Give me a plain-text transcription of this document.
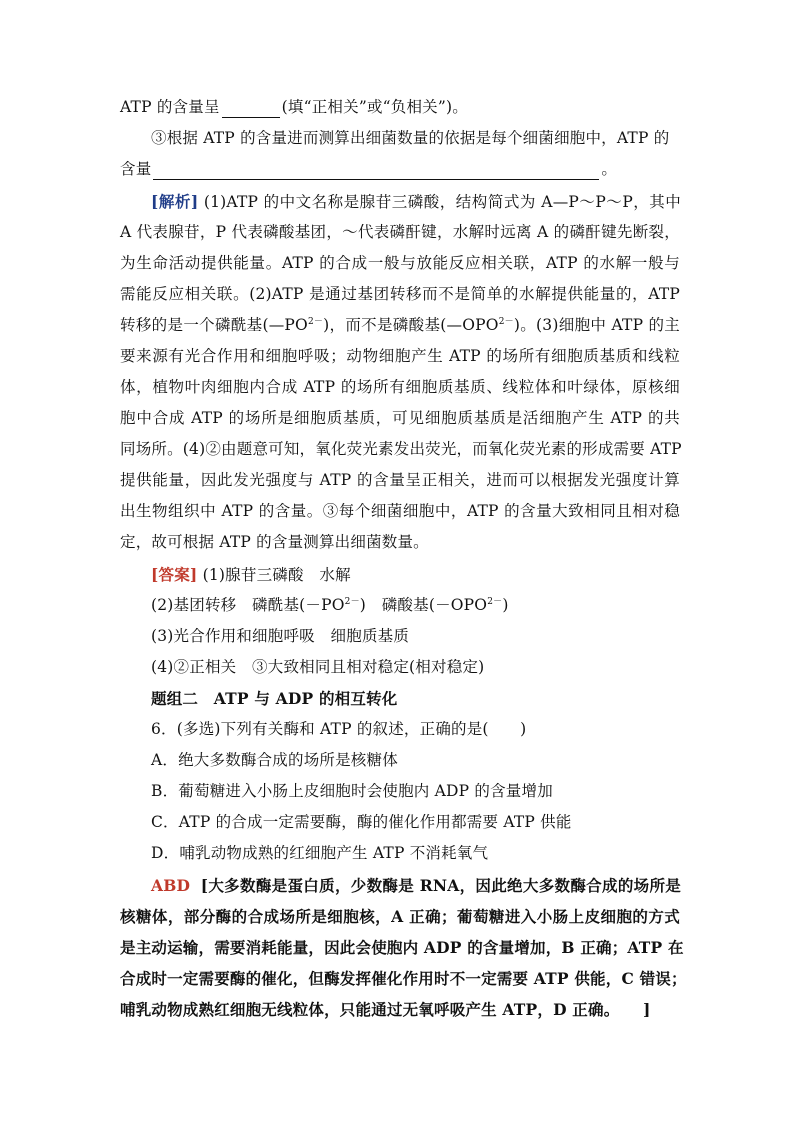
ATP 的含量呈	(填“正相关”或“负相关”)。
③根据 ATP 的含量进而测算出细菌数量的依据是每个细菌细胞中，ATP 的
含量	。
[解析] (1)ATP 的中文名称是腺苷三磷酸，结构简式为 A—P～P～P，其中
A 代表腺苷，P 代表磷酸基团，～代表磷酐键，水解时远离 A 的磷酐键先断裂，
为生命活动提供能量。ATP 的合成一般与放能反应相关联，ATP 的水解一般与
需能反应相关联。(2)ATP 是通过基团转移而不是简单的水解提供能量的，ATP
转移的是一个磷酰基$(—PO^{2-})$，而不是磷酸基$(—OPO^{2-})$。(3)细胞中 ATP 的主
要来源有光合作用和细胞呼吸；动物细胞产生 ATP 的场所有细胞质基质和线粒
体，植物叶肉细胞内合成 ATP 的场所有细胞质基质、线粒体和叶绿体，原核细
胞中合成 ATP 的场所是细胞质基质，可见细胞质基质是活细胞产生 ATP 的共
同场所。(4)②由题意可知，氧化荧光素发出荧光，而氧化荧光素的形成需要 ATP
提供能量，因此发光强度与 ATP 的含量呈正相关，进而可以根据发光强度计算
出生物组织中 ATP 的含量。③每个细菌细胞中，ATP 的含量大致相同且相对稳
定，故可根据 ATP 的含量测算出细菌数量。
[答案] (1)腺苷三磷酸　水解
(2)基团转移　磷酰基$(-PO^{2-})$　磷酸基$(-OPO^{2-})$
(3)光合作用和细胞呼吸　细胞质基质
(4)②正相关　③大致相同且相对稳定(相对稳定)
题组二　ATP 与 ADP 的相互转化
6．(多选)下列有关酶和 ATP 的叙述，正确的是(　　)
A．绝大多数酶合成的场所是核糖体
B．葡萄糖进入小肠上皮细胞时会使胞内 ADP 的含量增加
C．ATP 的合成一定需要酶，酶的催化作用都需要 ATP 供能
D．哺乳动物成熟的红细胞产生 ATP 不消耗氧气
ABD [大多数酶是蛋白质，少数酶是 RNA，因此绝大多数酶合成的场所是
核糖体，部分酶的合成场所是细胞核，A 正确；葡萄糖进入小肠上皮细胞的方式
是主动运输，需要消耗能量，因此会使胞内 ADP 的含量增加，B 正确；ATP 在
合成时一定需要酶的催化，但酶发挥催化作用时不一定需要 ATP 供能，C 错误；
哺乳动物成熟红细胞无线粒体，只能通过无氧呼吸产生 ATP，D 正确。　　]
